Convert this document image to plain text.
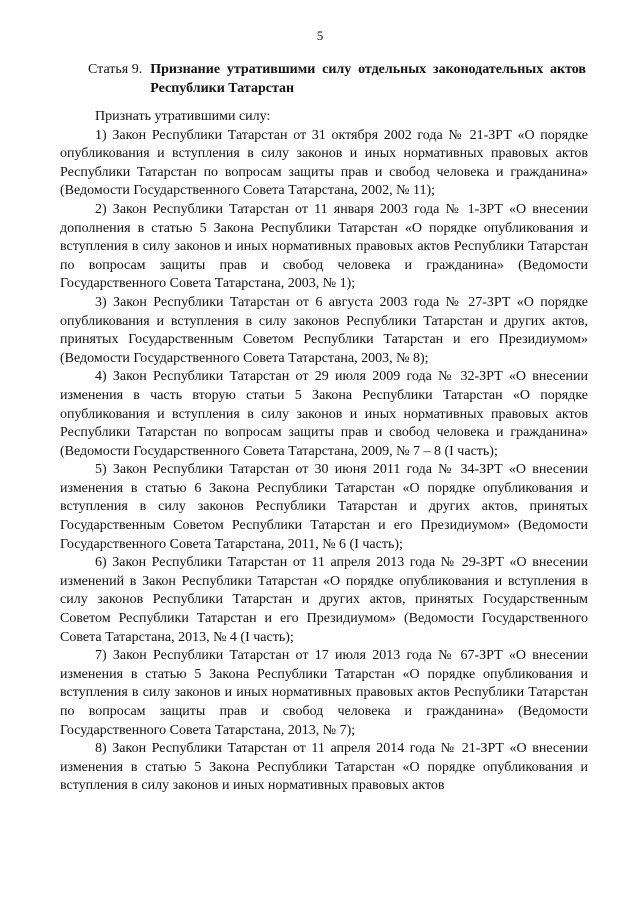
5
Статья 9. Признание утратившими силу отдельных законодательных актов Республики Татарстан

Признать утратившими силу:

1) Закон Республики Татарстан от 31 октября 2002 года № 21-ЗРТ «О порядке опубликования и вступления в силу законов и иных нормативных правовых актов Республики Татарстан по вопросам защиты прав и свобод человека и гражданина» (Ведомости Государственного Совета Татарстана, 2002, № 11);

2) Закон Республики Татарстан от 11 января 2003 года № 1-ЗРТ «О внесении дополнения в статью 5 Закона Республики Татарстан «О порядке опубликования и вступления в силу законов и иных нормативных правовых актов Республики Татарстан по вопросам защиты прав и свобод человека и гражданина» (Ведомости Государственного Совета Татарстана, 2003, № 1);

3) Закон Республики Татарстан от 6 августа 2003 года № 27-ЗРТ «О порядке опубликования и вступления в силу законов Республики Татарстан и других актов, принятых Государственным Советом Республики Татарстан и его Президиумом» (Ведомости Государственного Совета Татарстана, 2003, № 8);

4) Закон Республики Татарстан от 29 июля 2009 года № 32-ЗРТ «О внесении изменения в часть вторую статьи 5 Закона Республики Татарстан «О порядке опубликования и вступления в силу законов и иных нормативных правовых актов Республики Татарстан по вопросам защиты прав и свобод человека и гражданина» (Ведомости Государственного Совета Татарстана, 2009, № 7 – 8 (I часть);

5) Закон Республики Татарстан от 30 июня 2011 года № 34-ЗРТ «О внесении изменения в статью 6 Закона Республики Татарстан «О порядке опубликования и вступления в силу законов Республики Татарстан и других актов, принятых Государственным Советом Республики Татарстан и его Президиумом» (Ведомости Государственного Совета Татарстана, 2011, № 6 (I часть);

6) Закон Республики Татарстан от 11 апреля 2013 года № 29-ЗРТ «О внесении изменений в Закон Республики Татарстан «О порядке опубликования и вступления в силу законов Республики Татарстан и других актов, принятых Государственным Советом Республики Татарстан и его Президиумом» (Ведомости Государственного Совета Татарстана, 2013, № 4 (I часть);

7) Закон Республики Татарстан от 17 июля 2013 года № 67-ЗРТ «О внесении изменения в статью 5 Закона Республики Татарстан «О порядке опубликования и вступления в силу законов и иных нормативных правовых актов Республики Татарстан по вопросам защиты прав и свобод человека и гражданина» (Ведомости Государственного Совета Татарстана, 2013, № 7);

8) Закон Республики Татарстан от 11 апреля 2014 года № 21-ЗРТ «О внесении изменения в статью 5 Закона Республики Татарстан «О порядке опубликования и вступления в силу законов и иных нормативных правовых актов
